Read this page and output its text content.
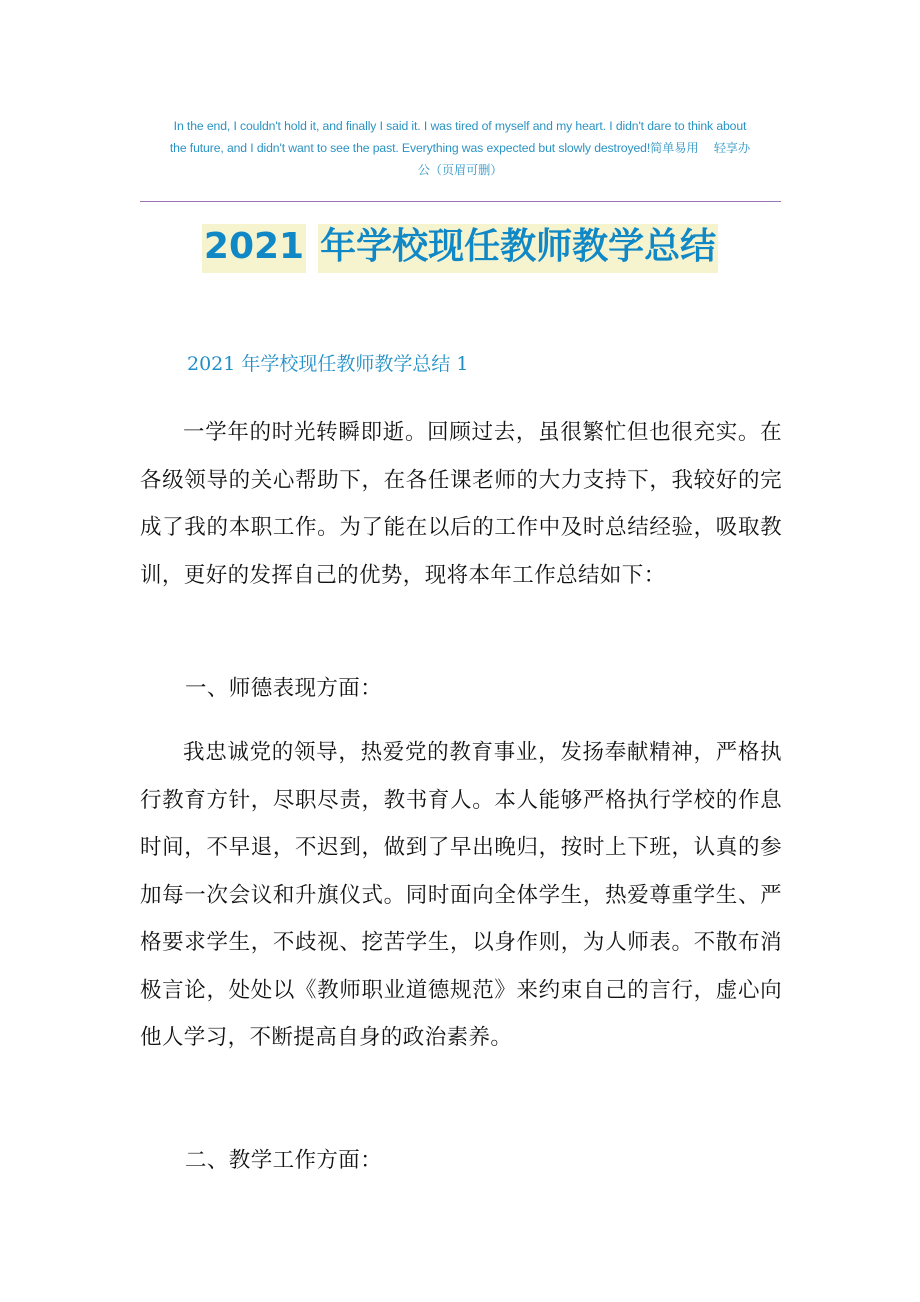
In the end, I couldn't hold it, and finally I said it. I was tired of myself and my heart. I didn't dare to think about
the future, and I didn't want to see the past. Everything was expected but slowly destroyed!简单易用　 轻享办
公（页眉可删）
2021 年学校现任教师教学总结
2021 年学校现任教师教学总结 1

一学年的时光转瞬即逝。回顾过去，虽很繁忙但也很充实。在各级领导的关心帮助下，在各任课老师的大力支持下，我较好的完成了我的本职工作。为了能在以后的工作中及时总结经验，吸取教训，更好的发挥自己的优势，现将本年工作总结如下：

一、师德表现方面：

我忠诚党的领导，热爱党的教育事业，发扬奉献精神，严格执行教育方针，尽职尽责，教书育人。本人能够严格执行学校的作息时间，不早退，不迟到，做到了早出晚归，按时上下班，认真的参加每一次会议和升旗仪式。同时面向全体学生，热爱尊重学生、严格要求学生，不歧视、挖苦学生，以身作则，为人师表。不散布消极言论，处处以《教师职业道德规范》来约束自己的言行，虚心向他人学习，不断提高自身的政治素养。

二、教学工作方面：
